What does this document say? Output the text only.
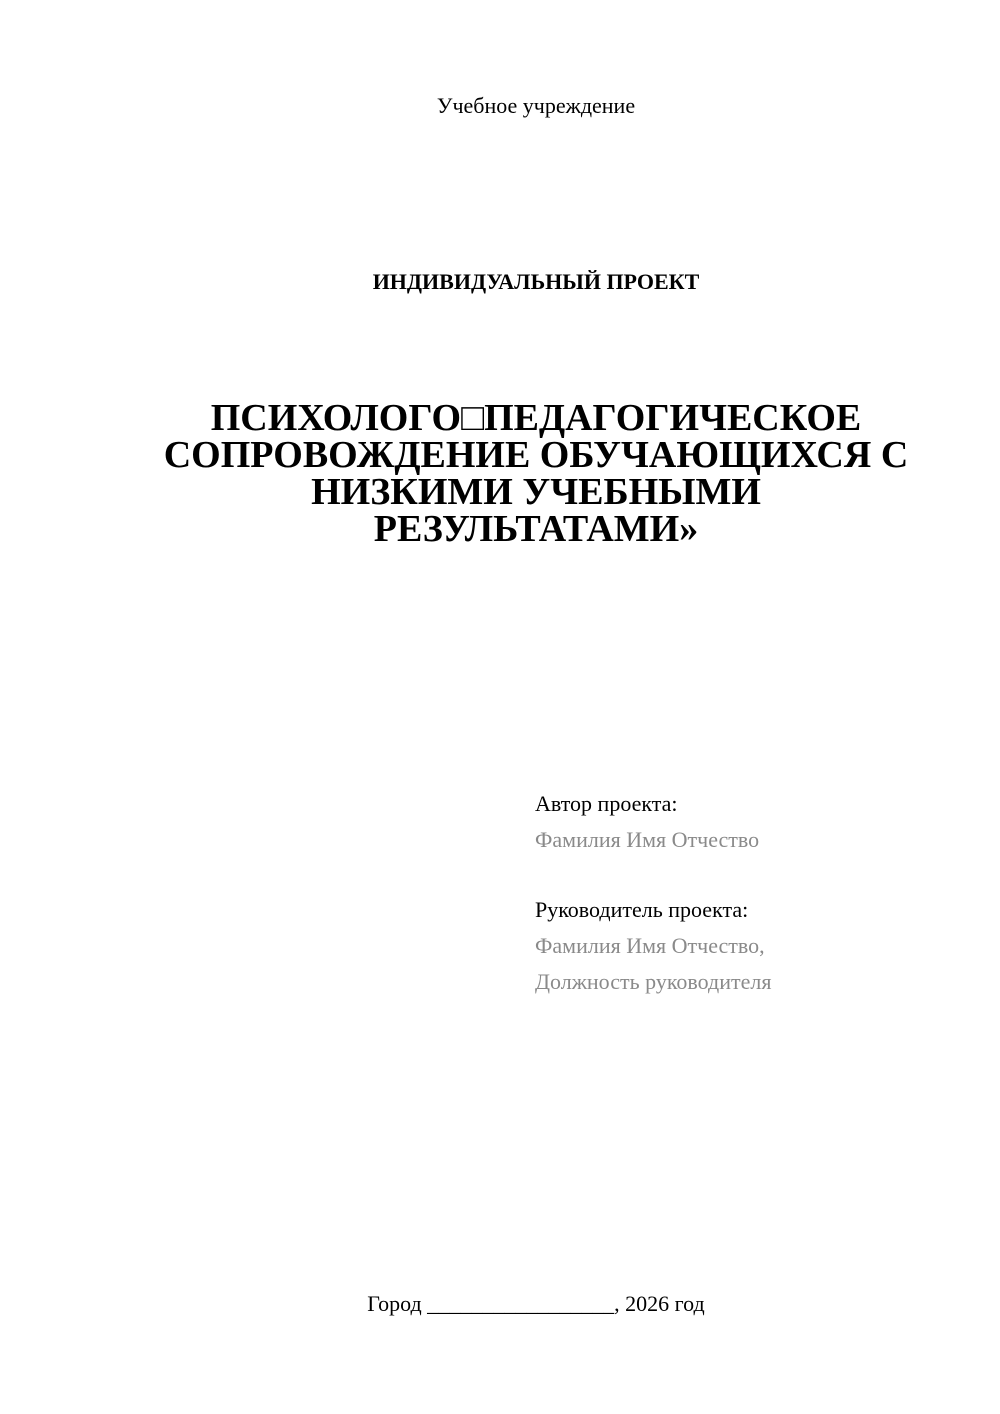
Учебное учреждение
ИНДИВИДУАЛЬНЫЙ ПРОЕКТ
ПСИХОЛОГО□ПЕДАГОГИЧЕСКОЕ
СОПРОВОЖДЕНИЕ ОБУЧАЮЩИХСЯ С
НИЗКИМИ УЧЕБНЫМИ
РЕЗУЛЬТАТАМИ»
Автор проекта:
Фамилия Имя Отчество
Руководитель проекта:
Фамилия Имя Отчество,
Должность руководителя
Город _________________, 2026 год
